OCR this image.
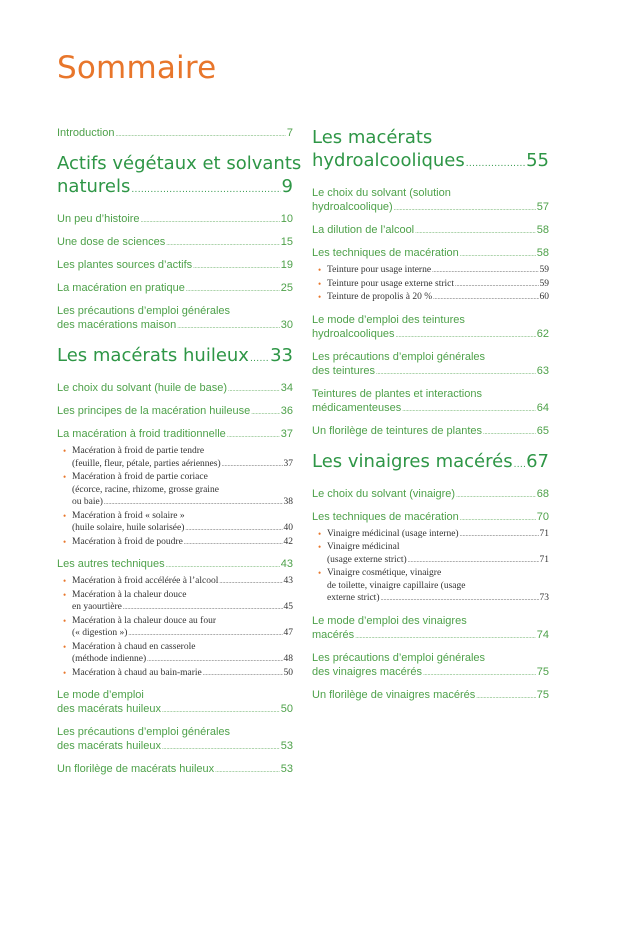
Sommaire
Introduction .....	7
Actifs végétaux et solvants
naturels .....	9
Un peu d’histoire .....	10
Une dose de sciences .....	15
Les plantes sources d’actifs .....	19
La macération en pratique .....	25
Les précautions d’emploi générales
des macérations maison .....	30
Les macérats huileux ..... 33
Le choix du solvant (huile de base) .....	34
Les principes de la macération huileuse .....	36
La macération à froid traditionnelle .....	37
• Macération à froid de partie tendre
(feuille, fleur, pétale, parties aériennes) .....	37
• Macération à froid de partie coriace
(écorce, racine, rhizome, grosse graine
ou baie) .....	38
• Macération à froid « solaire »
(huile solaire, huile solarisée) .....	40
• Macération à froid de poudre .....	42
Les autres techniques .....	43
• Macération à froid accélérée à l’alcool .....	43
• Macération à la chaleur douce
en yaourtière .....	45
• Macération à la chaleur douce au four
(« digestion ») .....	47
• Macération à chaud en casserole
(méthode indienne) .....	48
• Macération à chaud au bain-marie .....	50
Le mode d’emploi
des macérats huileux .....	50
Les précautions d’emploi générales
des macérats huileux .....	53
Un florilège de macérats huileux .....	53
Les macérats
hydroalcooliques .....	55
Le choix du solvant (solution
hydroalcoolique) .....	57
La dilution de l’alcool .....	58
Les techniques de macération .....	58
• Teinture pour usage interne .....	59
• Teinture pour usage externe strict .....	59
• Teinture de propolis à 20 % .....	60
Le mode d’emploi des teintures
hydroalcooliques .....	62
Les précautions d’emploi générales
des teintures .....	63
Teintures de plantes et interactions
médicamenteuses .....	64
Un florilège de teintures de plantes .....	65
Les vinaigres macérés ..... 67
Le choix du solvant (vinaigre) .....	68
Les techniques de macération .....	70
• Vinaigre médicinal (usage interne) .....	71
• Vinaigre médicinal
(usage externe strict) .....	71
• Vinaigre cosmétique, vinaigre
de toilette, vinaigre capillaire (usage
externe strict) .....	73
Le mode d’emploi des vinaigres
macérés .....	74
Les précautions d’emploi générales
des vinaigres macérés .....	75
Un florilège de vinaigres macérés .....	75
